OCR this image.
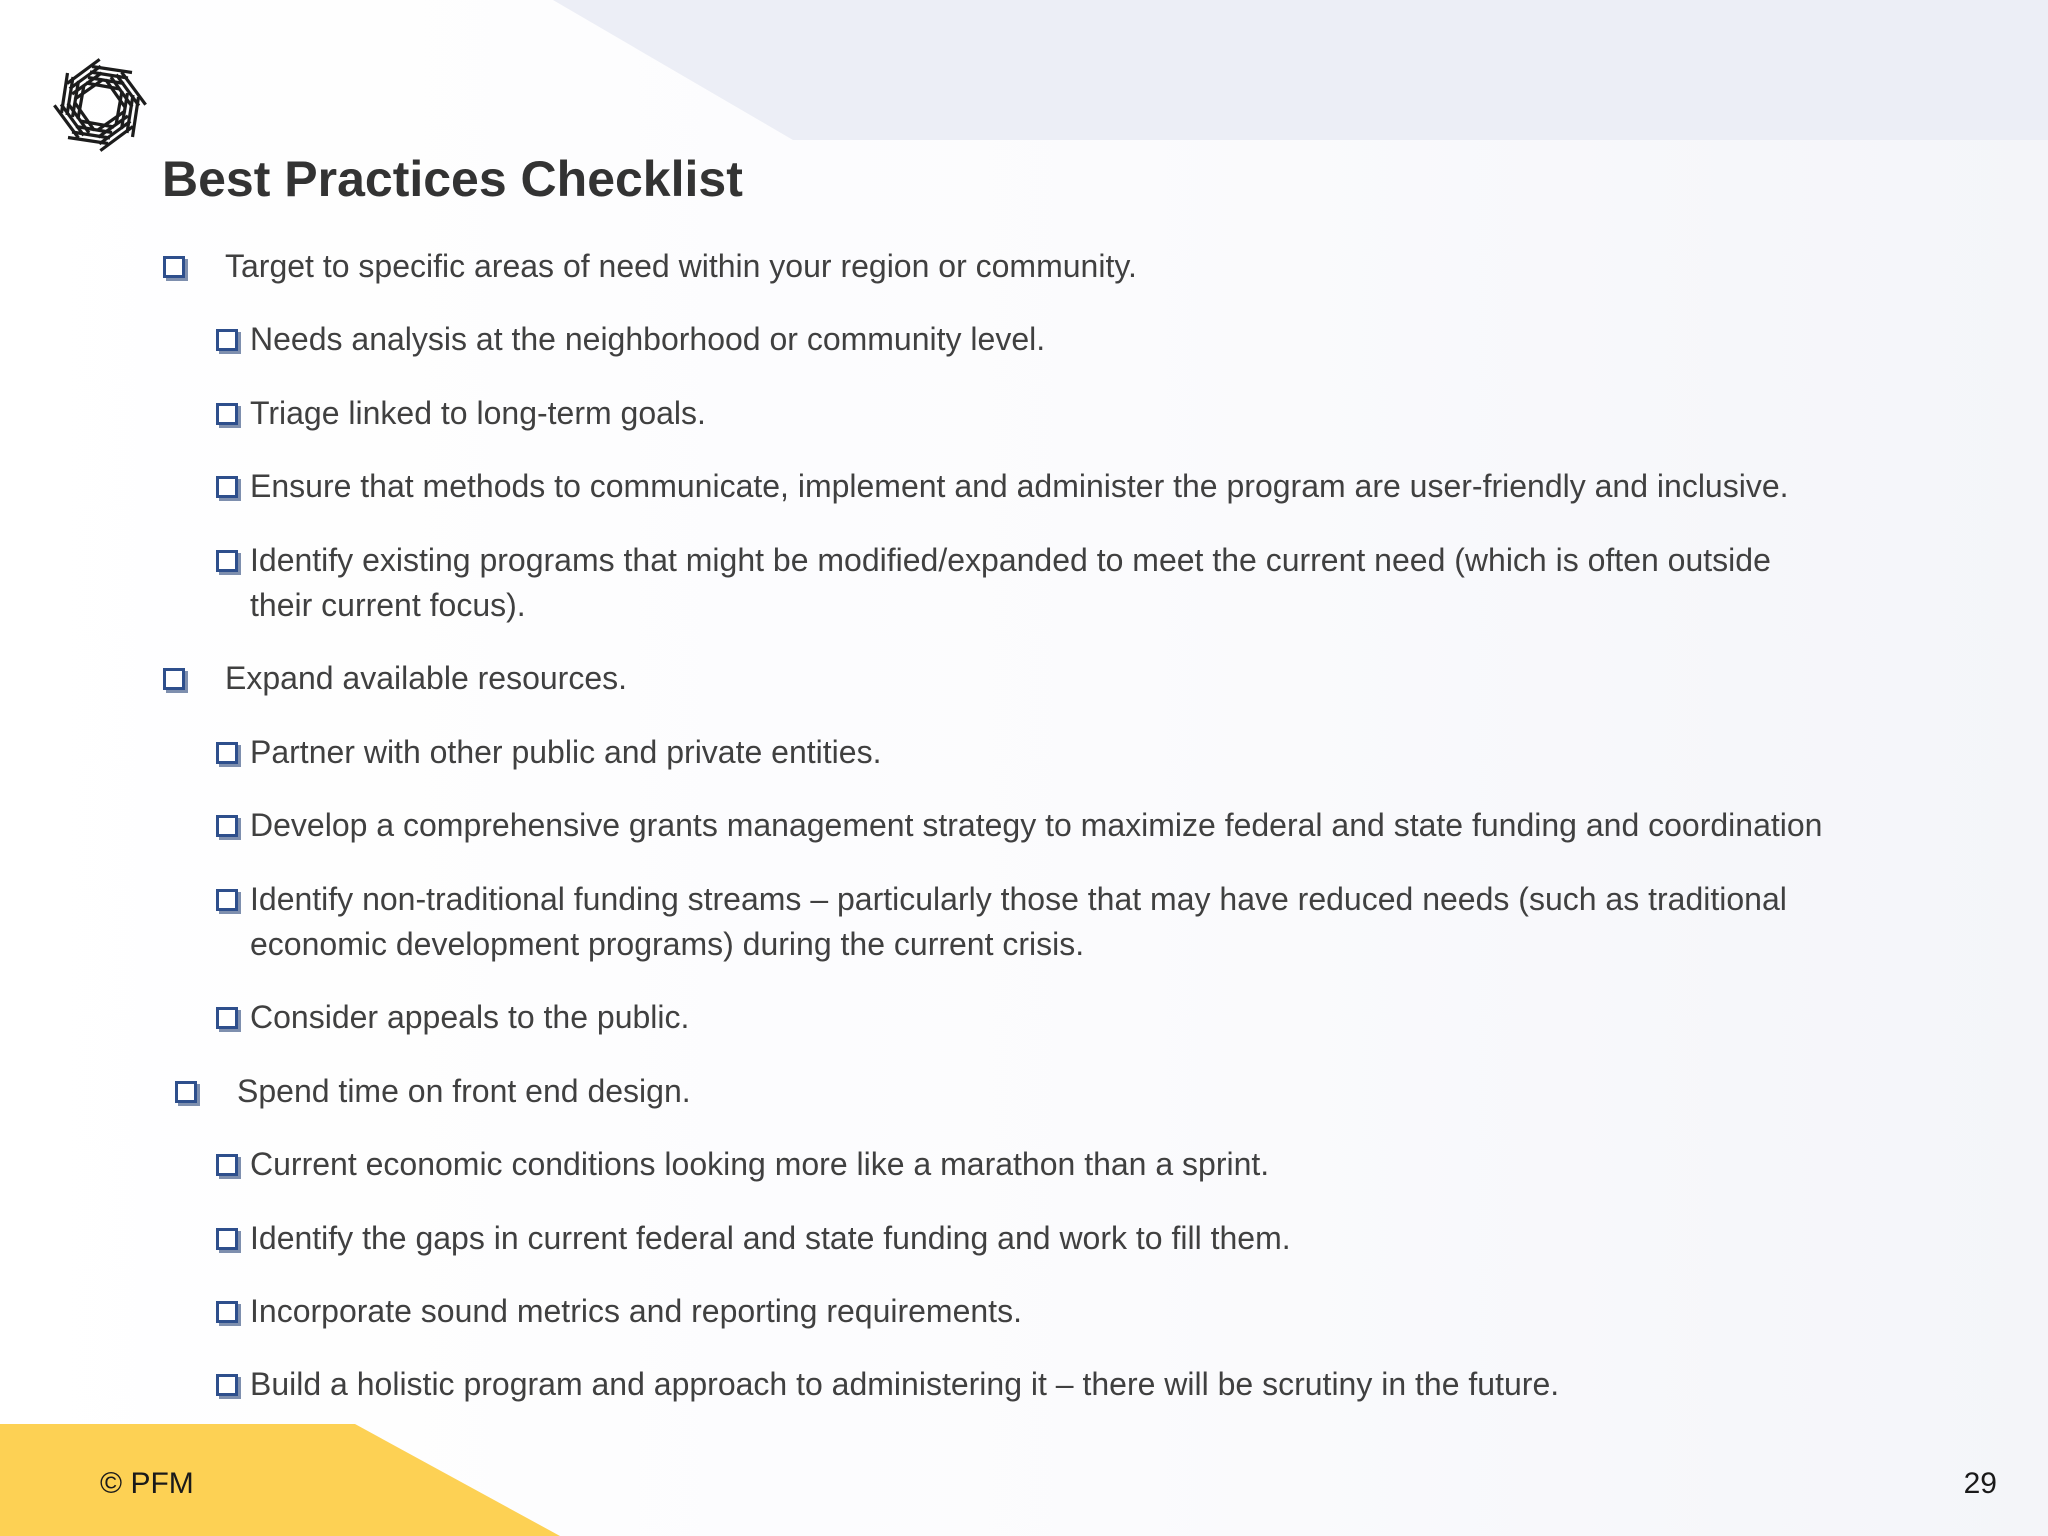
Best Practices Checklist
Target to specific areas of need within your region or community.
Needs analysis at the neighborhood or community level.
Triage linked to long-term goals.
Ensure that methods to communicate, implement and administer the program are user-friendly and inclusive.
Identify existing programs that might be modified/expanded to meet the current need (which is often outside
their current focus).
Expand available resources.
Partner with other public and private entities.
Develop a comprehensive grants management strategy to maximize federal and state funding and coordination
Identify non-traditional funding streams – particularly those that may have reduced needs (such as traditional
economic development programs) during the current crisis.
Consider appeals to the public.
Spend time on front end design.
Current economic conditions looking more like a marathon than a sprint.
Identify the gaps in current federal and state funding and work to fill them.
Incorporate sound metrics and reporting requirements.
Build a holistic program and approach to administering it – there will be scrutiny in the future.
© PFM	29
